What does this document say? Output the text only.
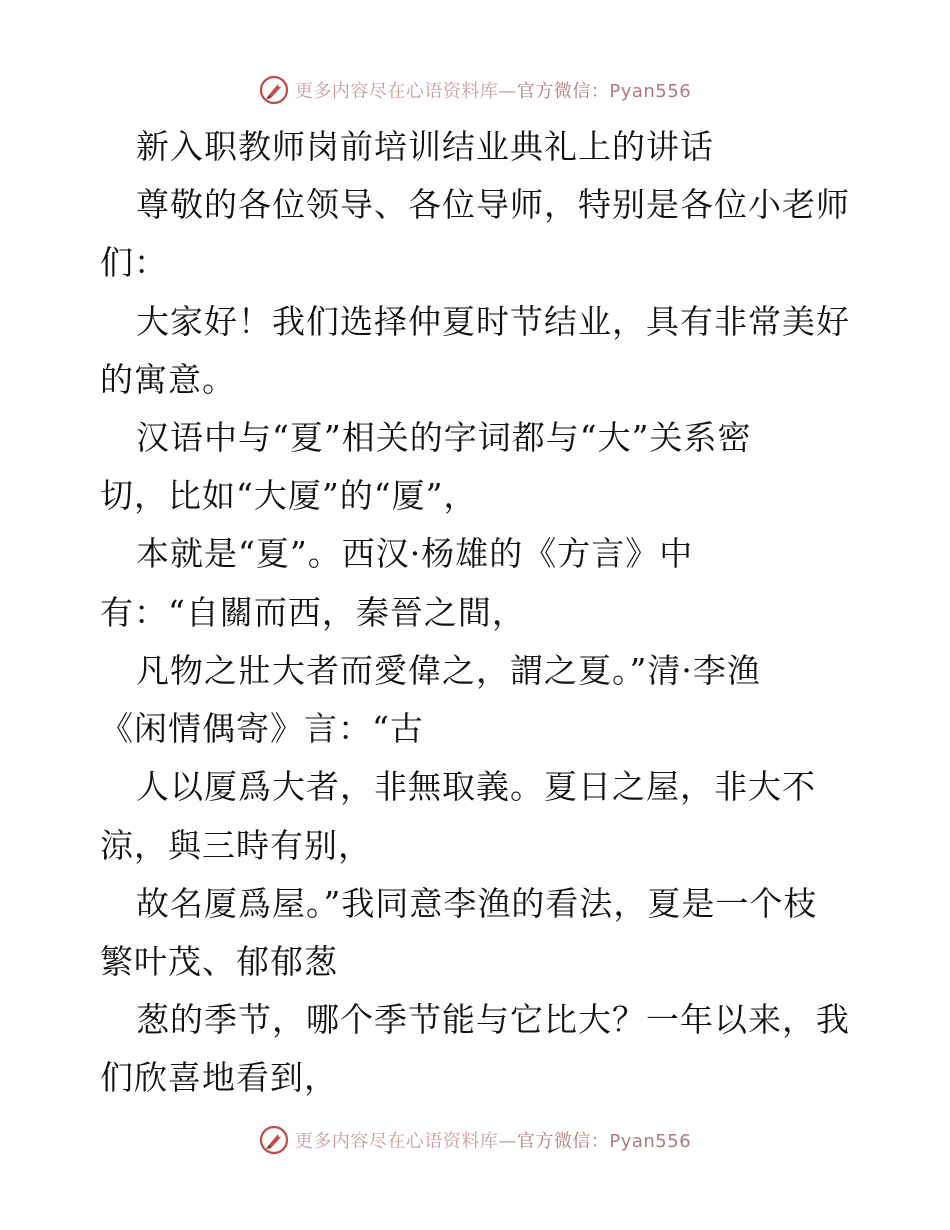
更多内容尽在心语资料库—官方微信：Pyan556
新入职教师岗前培训结业典礼上的讲话
尊敬的各位领导、各位导师，特别是各位小老师
们：
大家好！我们选择仲夏时节结业，具有非常美好
的寓意。
汉语中与“夏”相关的字词都与“大”关系密
切，比如“大厦”的“厦”，
本就是“夏”。西汉·杨雄的《方言》中
有：“自關而西，秦晉之間，
凡物之壯大者而愛偉之，謂之夏。”清·李渔
《闲情偶寄》言：“古
人以厦爲大者，非無取義。夏日之屋，非大不
涼，與三時有别，
故名厦爲屋。”我同意李渔的看法，夏是一个枝
繁叶茂、郁郁葱
葱的季节，哪个季节能与它比大？一年以来，我
们欣喜地看到，
更多内容尽在心语资料库—官方微信：Pyan556
